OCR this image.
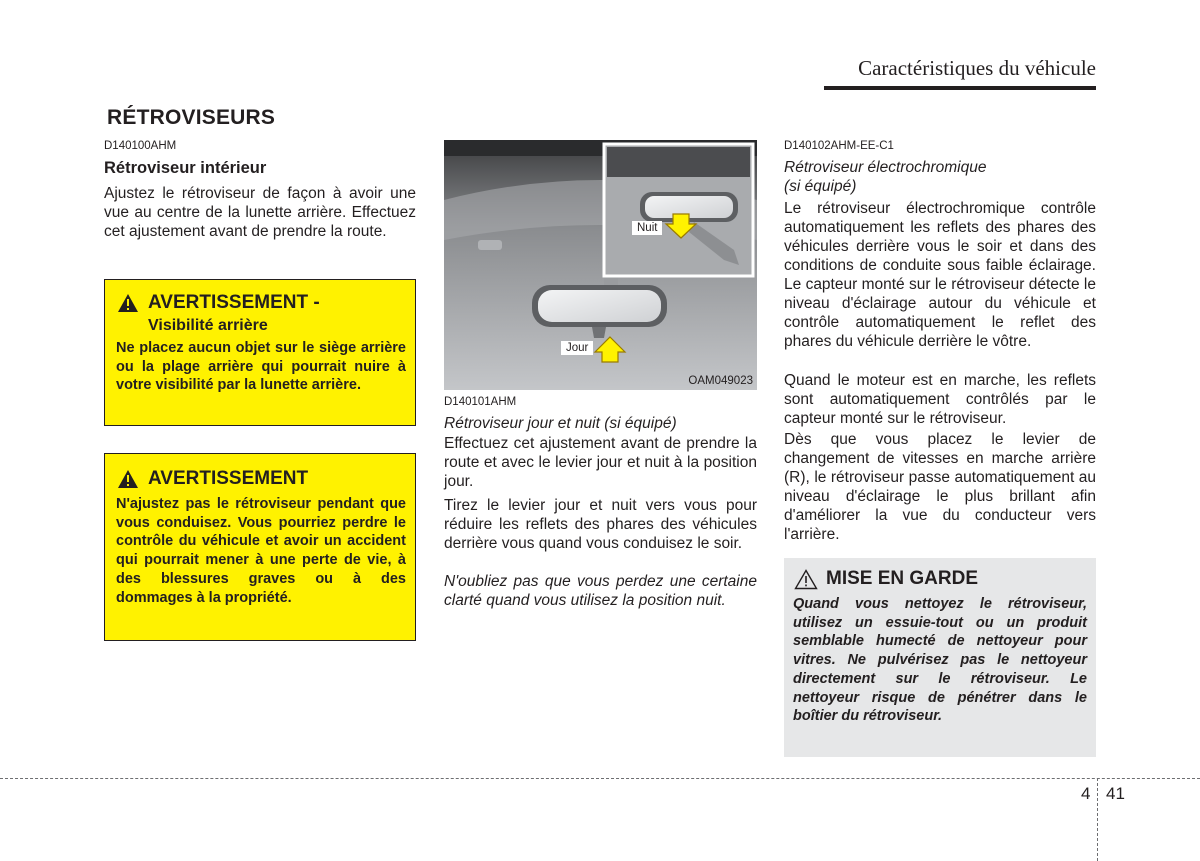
Caractéristiques du véhicule
RÉTROVISEURS
D140100AHM
Rétroviseur intérieur
Ajustez le rétroviseur de façon à avoir une vue au centre de la lunette arrière. Effectuez cet ajustement avant de prendre la route.
AVERTISSEMENT -
Visibilité arrière
Ne placez aucun objet sur le siège arrière ou la plage arrière qui pourrait nuire à votre visibilité par la lunette arrière.
AVERTISSEMENT
N'ajustez pas le rétroviseur pendant que vous conduisez. Vous pourriez perdre le contrôle du véhicule et avoir un accident qui pourrait mener à une perte de vie, à des blessures graves ou à des dommages à la propriété.
Nuit
Jour
OAM049023
D140101AHM
Rétroviseur jour et nuit (si équipé)
Effectuez cet ajustement avant de prendre la route et avec le levier jour et nuit à la position jour.
Tirez le levier jour et nuit vers vous pour réduire les reflets des phares des véhicules derrière vous quand vous conduisez le soir.
N'oubliez pas que vous perdez une certaine clarté quand vous utilisez la position nuit.
D140102AHM-EE-C1
Rétroviseur électrochromique
(si équipé)
Le rétroviseur électrochromique contrôle automatiquement les reflets des phares des véhicules derrière vous le soir et dans des conditions de conduite sous faible éclairage. Le capteur monté sur le rétroviseur détecte le niveau d'éclairage autour du véhicule et contrôle automatiquement le reflet des phares du véhicule derrière le vôtre.
Quand le moteur est en marche, les reflets sont automatiquement contrôlés par le capteur monté sur le rétroviseur.
Dès que vous placez le levier de changement de vitesses en marche arrière (R), le rétroviseur passe automatiquement au niveau d'éclairage le plus brillant afin d'améliorer la vue du conducteur vers l'arrière.
MISE EN GARDE
Quand vous nettoyez le rétroviseur, utilisez un essuie-tout ou un produit semblable humecté de nettoyeur pour vitres. Ne pulvérisez pas le nettoyeur directement sur le rétroviseur. Le nettoyeur risque de pénétrer dans le boîtier du rétroviseur.
4 41
